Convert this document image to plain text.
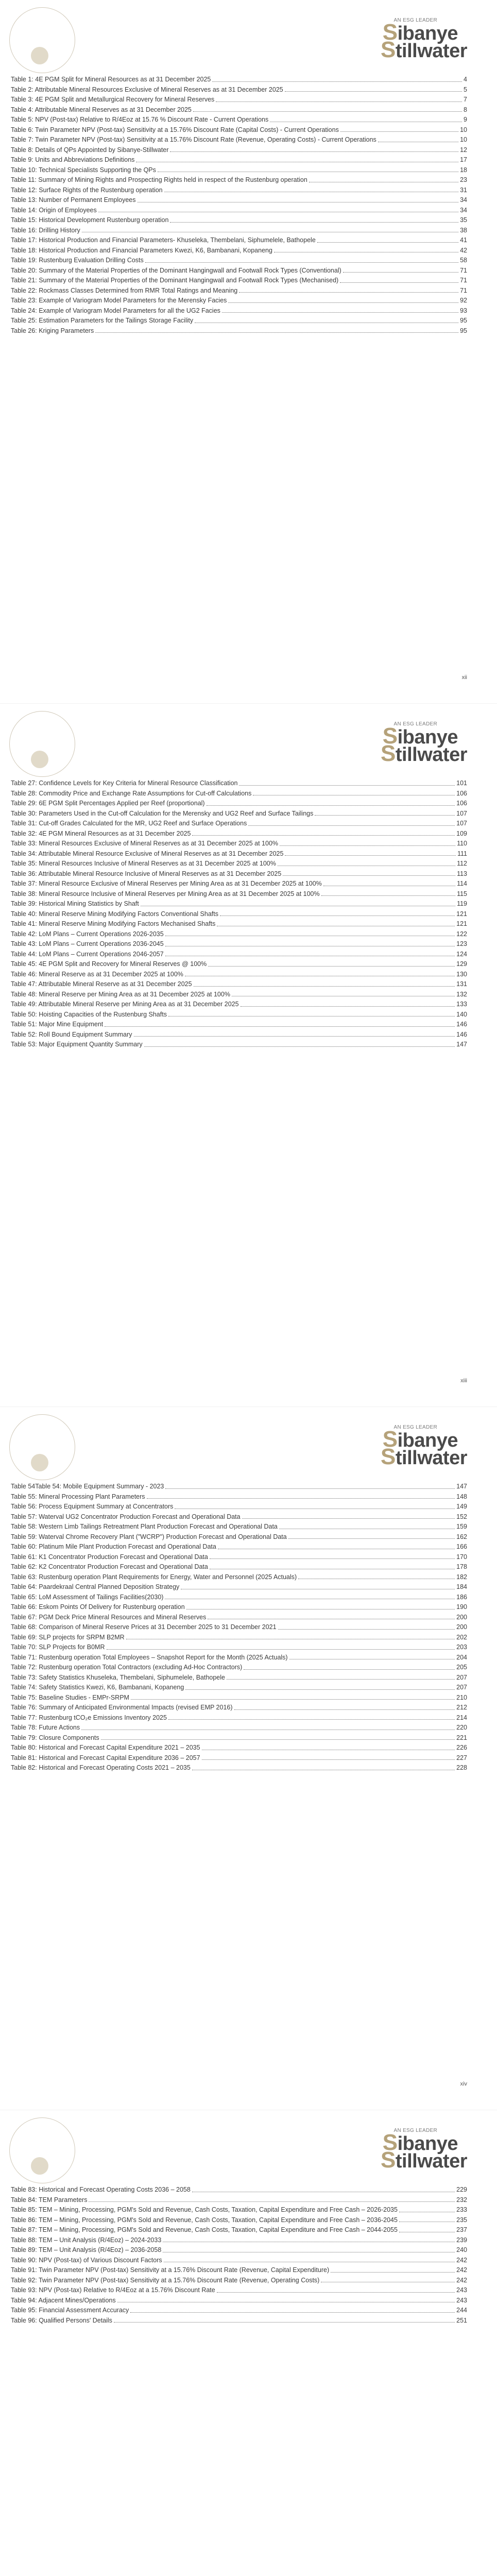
AN ESG LEADER
Sibanye
Stillwater
Table 1: 4E PGM Split for Mineral Resources as at 31 December 2025	4
Table 2: Attributable Mineral Resources Exclusive of Mineral Reserves as at 31 December 2025	5
Table 3: 4E PGM Split and Metallurgical Recovery for Mineral Reserves	7
Table 4: Attributable Mineral Reserves as at 31 December 2025	8
Table 5: NPV (Post-tax) Relative to R/4Eoz at 15.76 % Discount Rate - Current Operations	9
Table 6: Twin Parameter NPV (Post-tax) Sensitivity at a 15.76% Discount Rate (Capital Costs) - Current Operations	10
Table 7: Twin Parameter NPV (Post-tax) Sensitivity at a 15.76% Discount Rate (Revenue, Operating Costs) - Current Operations	10
Table 8: Details of QPs Appointed by Sibanye-Stillwater	12
Table 9: Units and Abbreviations Definitions	17
Table 10: Technical Specialists Supporting the QPs	18
Table 11: Summary of Mining Rights and Prospecting Rights held in respect of the Rustenburg operation	23
Table 12: Surface Rights of the Rustenburg operation	31
Table 13: Number of Permanent Employees	34
Table 14: Origin of Employees	34
Table 15: Historical Development Rustenburg operation	35
Table 16: Drilling History	38
Table 17: Historical Production and Financial Parameters- Khuseleka, Thembelani, Siphumelele, Bathopele	41
Table 18: Historical Production and Financial Parameters Kwezi, K6, Bambanani, Kopaneng	42
Table 19: Rustenburg Evaluation Drilling Costs	58
Table 20: Summary of the Material Properties of the Dominant Hangingwall and Footwall Rock Types (Conventional)	71
Table 21: Summary of the Material Properties of the Dominant Hangingwall and Footwall Rock Types (Mechanised)	71
Table 22: Rockmass Classes Determined from RMR Total Ratings and Meaning	71
Table 23: Example of Variogram Model Parameters for the Merensky Facies	92
Table 24: Example of Variogram Model Parameters for all the UG2 Facies	93
Table 25: Estimation Parameters for the Tailings Storage Facility	95
Table 26: Kriging Parameters	95
xii
AN ESG LEADER
Sibanye
Stillwater
Table 27: Confidence Levels for Key Criteria for Mineral Resource Classification	101
Table 28: Commodity Price and Exchange Rate Assumptions for Cut-off Calculations	106
Table 29: 6E PGM Split Percentages Applied per Reef (proportional)	106
Table 30: Parameters Used in the Cut-off Calculation for the Merensky and UG2 Reef and Surface Tailings	107
Table 31: Cut-off Grades Calculated for the MR, UG2 Reef and Surface Operations	107
Table 32: 4E PGM Mineral Resources as at 31 December 2025	109
Table 33: Mineral Resources Exclusive of Mineral Reserves as at 31 December 2025 at 100%	110
Table 34: Attributable Mineral Resource Exclusive of Mineral Reserves as at 31 December 2025	111
Table 35: Mineral Resources Inclusive of Mineral Reserves as at 31 December 2025 at 100%	112
Table 36: Attributable Mineral Resource Inclusive of Mineral Reserves as at 31 December 2025	113
Table 37: Mineral Resource Exclusive of Mineral Reserves per Mining Area as at 31 December 2025 at 100%	114
Table 38: Mineral Resource Inclusive of Mineral Reserves per Mining Area as at 31 December 2025 at 100%	115
Table 39: Historical Mining Statistics by Shaft	119
Table 40: Mineral Reserve Mining Modifying Factors Conventional Shafts	121
Table 41: Mineral Reserve Mining Modifying Factors Mechanised Shafts	121
Table 42: LoM Plans – Current Operations 2026-2035	122
Table 43: LoM Plans – Current Operations 2036-2045	123
Table 44: LoM Plans – Current Operations 2046-2057	124
Table 45: 4E PGM Split and Recovery for Mineral Reserves @ 100%	129
Table 46: Mineral Reserve as at 31 December 2025 at 100%	130
Table 47: Attributable Mineral Reserve as at 31 December 2025	131
Table 48: Mineral Reserve per Mining Area as at 31 December 2025 at 100%	132
Table 49: Attributable Mineral Reserve per Mining Area as at 31 December 2025	133
Table 50: Hoisting Capacities of the Rustenburg Shafts	140
Table 51: Major Mine Equipment	146
Table 52: Roll Bound Equipment Summary	146
Table 53: Major Equipment Quantity Summary	147
xiii
AN ESG LEADER
Sibanye
Stillwater
Table 54Table 54: Mobile Equipment Summary - 2023	147
Table 55: Mineral Processing Plant Parameters	148
Table 56: Process Equipment Summary at Concentrators	149
Table 57: Waterval UG2 Concentrator Production Forecast and Operational Data	152
Table 58: Western Limb Tailings Retreatment Plant Production Forecast and Operational Data	159
Table 59: Waterval Chrome Recovery Plant ("WCRP") Production Forecast and Operational Data	162
Table 60: Platinum Mile Plant Production Forecast and Operational Data	166
Table 61: K1 Concentrator Production Forecast and Operational Data	170
Table 62: K2 Concentrator Production Forecast and Operational Data	178
Table 63: Rustenburg operation Plant Requirements for Energy, Water and Personnel (2025 Actuals)	182
Table 64: Paardekraal Central Planned Deposition Strategy	184
Table 65: LoM Assessment of Tailings Facilities(2030)	186
Table 66: Eskom Points Of Delivery for Rustenburg operation	190
Table 67: PGM Deck Price Mineral Resources and Mineral Reserves	200
Table 68: Comparison of Mineral Reserve Prices at 31 December 2025 to 31 December 2021	200
Table 69: SLP projects for SRPM B2MR	202
Table 70: SLP Projects for B0MR	203
Table 71: Rustenburg operation Total Employees – Snapshot Report for the Month (2025 Actuals)	204
Table 72: Rustenburg operation Total Contractors (excluding Ad-Hoc Contractors)	205
Table 73: Safety Statistics Khuseleka, Thembelani, Siphumelele, Bathopele	207
Table 74: Safety Statistics Kwezi, K6, Bambanani, Kopaneng	207
Table 75: Baseline Studies - EMPr-SRPM	210
Table 76: Summary of Anticipated Environmental Impacts (revised EMP 2016)	212
Table 77: Rustenburg tCO₂e Emissions Inventory 2025	214
Table 78: Future Actions	220
Table 79: Closure Components	221
Table 80: Historical and Forecast Capital Expenditure 2021 – 2035	226
Table 81: Historical and Forecast Capital Expenditure 2036 – 2057	227
Table 82: Historical and Forecast Operating Costs 2021 – 2035	228
xiv
AN ESG LEADER
Sibanye
Stillwater
Table 83: Historical and Forecast Operating Costs 2036 – 2058	229
Table 84: TEM Parameters	232
Table 85: TEM – Mining, Processing, PGM's Sold and Revenue, Cash Costs, Taxation, Capital Expenditure and Free Cash – 2026-2035	233
Table 86: TEM – Mining, Processing, PGM's Sold and Revenue, Cash Costs, Taxation, Capital Expenditure and Free Cash – 2036-2045	235
Table 87: TEM – Mining, Processing, PGM's Sold and Revenue, Cash Costs, Taxation, Capital Expenditure and Free Cash – 2044-2055	237
Table 88: TEM – Unit Analysis (R/4Eoz) – 2024-2033	239
Table 89: TEM – Unit Analysis (R/4Eoz) – 2036-2058	240
Table 90: NPV (Post-tax) of Various Discount Factors	242
Table 91: Twin Parameter NPV (Post-tax) Sensitivity at a 15.76% Discount Rate (Revenue, Capital Expenditure)	242
Table 92: Twin Parameter NPV (Post-tax) Sensitivity at a 15.76% Discount Rate (Revenue, Operating Costs)	242
Table 93: NPV (Post-tax) Relative to R/4Eoz at a 15.76% Discount Rate	243
Table 94: Adjacent Mines/Operations	243
Table 95: Financial Assessment Accuracy	244
Table 96: Qualified Persons' Details	251
